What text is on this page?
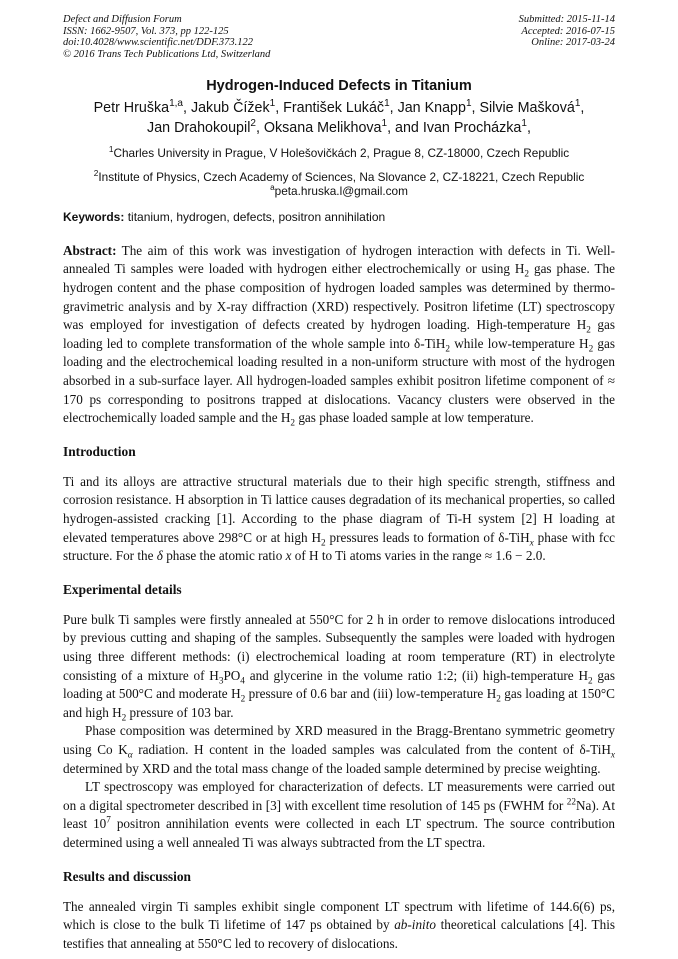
Defect and Diffusion Forum
ISSN: 1662-9507, Vol. 373, pp 122-125
doi:10.4028/www.scientific.net/DDF.373.122
© 2016 Trans Tech Publications Ltd, Switzerland
Submitted: 2015-11-14
Accepted: 2016-07-15
Online: 2017-03-24
Hydrogen-Induced Defects in Titanium
Petr Hruška$^{1,a}$, Jakub Čížek$^1$, František Lukáč$^1$, Jan Knapp$^1$, Silvie Mašková$^1$,
Jan Drahokoupil$^2$, Oksana Melikhova$^1$, and Ivan Procházka$^1$,
$^1$Charles University in Prague, V Holešovičkách 2, Prague 8, CZ-18000, Czech Republic
$^2$Institute of Physics, Czech Academy of Sciences, Na Slovance 2, CZ-18221, Czech Republic
$^a$peta.hruska.l@gmail.com
Keywords: titanium, hydrogen, defects, positron annihilation

Abstract: The aim of this work was investigation of hydrogen interaction with defects in Ti. Well-annealed Ti samples were loaded with hydrogen either electrochemically or using $H_2$ gas phase. The hydrogen content and the phase composition of hydrogen loaded samples was determined by thermo-gravimetric analysis and by X-ray diffraction (XRD) respectively. Positron lifetime (LT) spectroscopy was employed for investigation of defects created by hydrogen loading. High-temperature $H_2$ gas loading led to complete transformation of the whole sample into δ-TiH$_2$ while low-temperature $H_2$ gas loading and the electrochemical loading resulted in a non-uniform structure with most of the hydrogen absorbed in a sub-surface layer. All hydrogen-loaded samples exhibit positron lifetime component of ≈ 170 ps corresponding to positrons trapped at dislocations. Vacancy clusters were observed in the electrochemically loaded sample and the $H_2$ gas phase loaded sample at low temperature.

Introduction

Ti and its alloys are attractive structural materials due to their high specific strength, stiffness and corrosion resistance. H absorption in Ti lattice causes degradation of its mechanical properties, so called hydrogen-assisted cracking [1]. According to the phase diagram of Ti-H system [2] H loading at elevated temperatures above 298°C or at high $H_2$ pressures leads to formation of δ-TiH$_x$ phase with fcc structure. For the δ phase the atomic ratio x of H to Ti atoms varies in the range ≈ 1.6 − 2.0.

Experimental details

Pure bulk Ti samples were firstly annealed at 550°C for 2 h in order to remove dislocations introduced by previous cutting and shaping of the samples. Subsequently the samples were loaded with hydrogen using three different methods: (i) electrochemical loading at room temperature (RT) in electrolyte consisting of a mixture of $H_3PO_4$ and glycerine in the volume ratio 1:2; (ii) high-temperature $H_2$ gas loading at 500°C and moderate $H_2$ pressure of 0.6 bar and (iii) low-temperature $H_2$ gas loading at 150°C and high $H_2$ pressure of 103 bar.

Phase composition was determined by XRD measured in the Bragg-Brentano symmetric geometry using Co $K_\alpha$ radiation. H content in the loaded samples was calculated from the content of δ-TiH$_x$ determined by XRD and the total mass change of the loaded sample determined by precise weighting.

LT spectroscopy was employed for characterization of defects. LT measurements were carried out on a digital spectrometer described in [3] with excellent time resolution of 145 ps (FWHM for $^{22}$Na). At least $10^7$ positron annihilation events were collected in each LT spectrum. The source contribution determined using a well annealed Ti was always subtracted from the LT spectra.

Results and discussion

The annealed virgin Ti samples exhibit single component LT spectrum with lifetime of 144.6(6) ps, which is close to the bulk Ti lifetime of 147 ps obtained by ab-inito theoretical calculations [4]. This testifies that annealing at 550°C led to recovery of dislocations.
